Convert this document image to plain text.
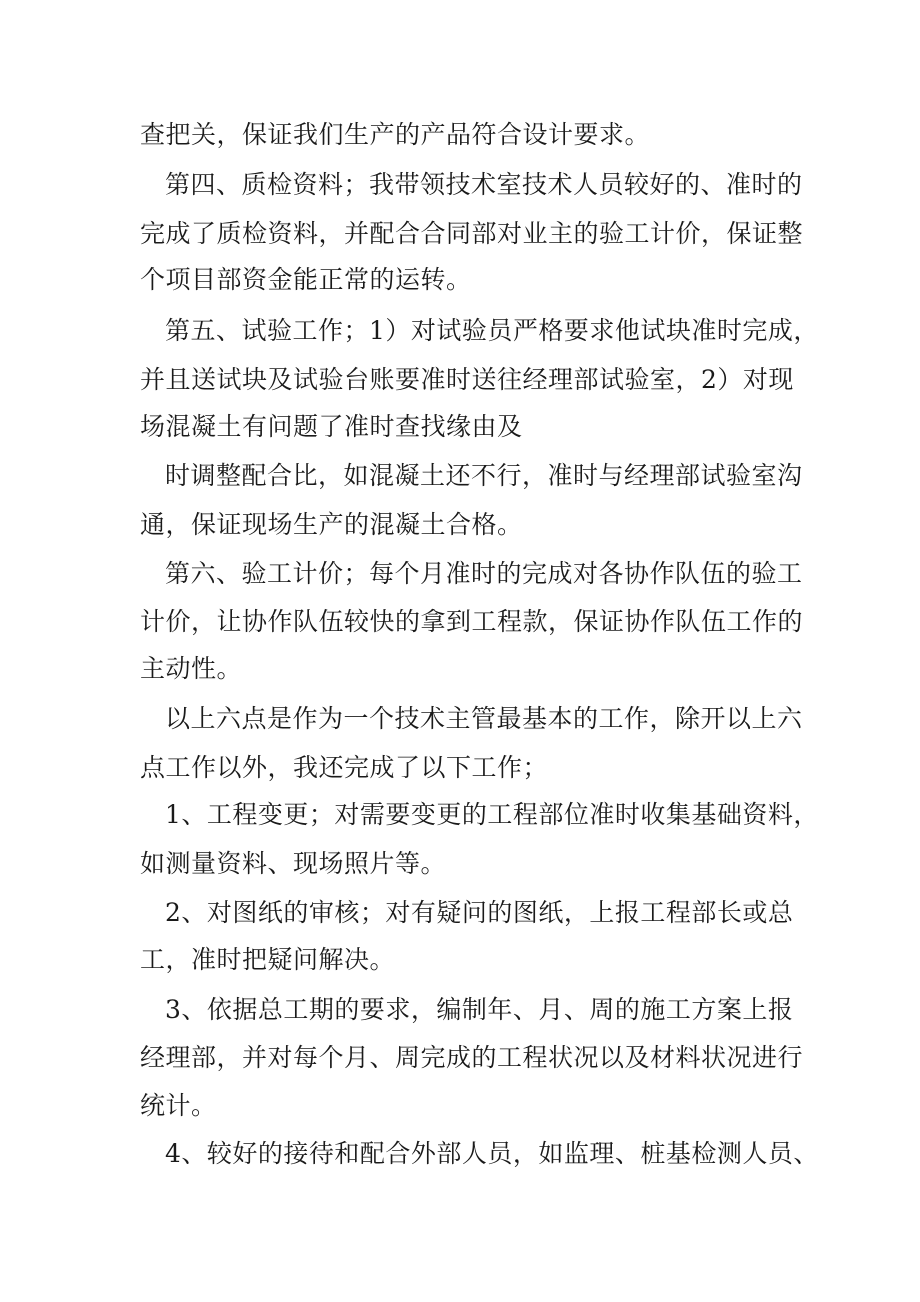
查把关，保证我们生产的产品符合设计要求。
第四、质检资料；我带领技术室技术人员较好的、准时的
完成了质检资料，并配合合同部对业主的验工计价，保证整
个项目部资金能正常的运转。
第五、试验工作；1）对试验员严格要求他试块准时完成，
并且送试块及试验台账要准时送往经理部试验室，2）对现
场混凝土有问题了准时查找缘由及
时调整配合比，如混凝土还不行，准时与经理部试验室沟
通，保证现场生产的混凝土合格。
第六、验工计价；每个月准时的完成对各协作队伍的验工
计价，让协作队伍较快的拿到工程款，保证协作队伍工作的
主动性。
以上六点是作为一个技术主管最基本的工作，除开以上六
点工作以外，我还完成了以下工作；
1、工程变更；对需要变更的工程部位准时收集基础资料，
如测量资料、现场照片等。
2、对图纸的审核；对有疑问的图纸，上报工程部长或总
工，准时把疑问解决。
3、依据总工期的要求，编制年、月、周的施工方案上报
经理部，并对每个月、周完成的工程状况以及材料状况进行
统计。
4、较好的接待和配合外部人员，如监理、桩基检测人员、
